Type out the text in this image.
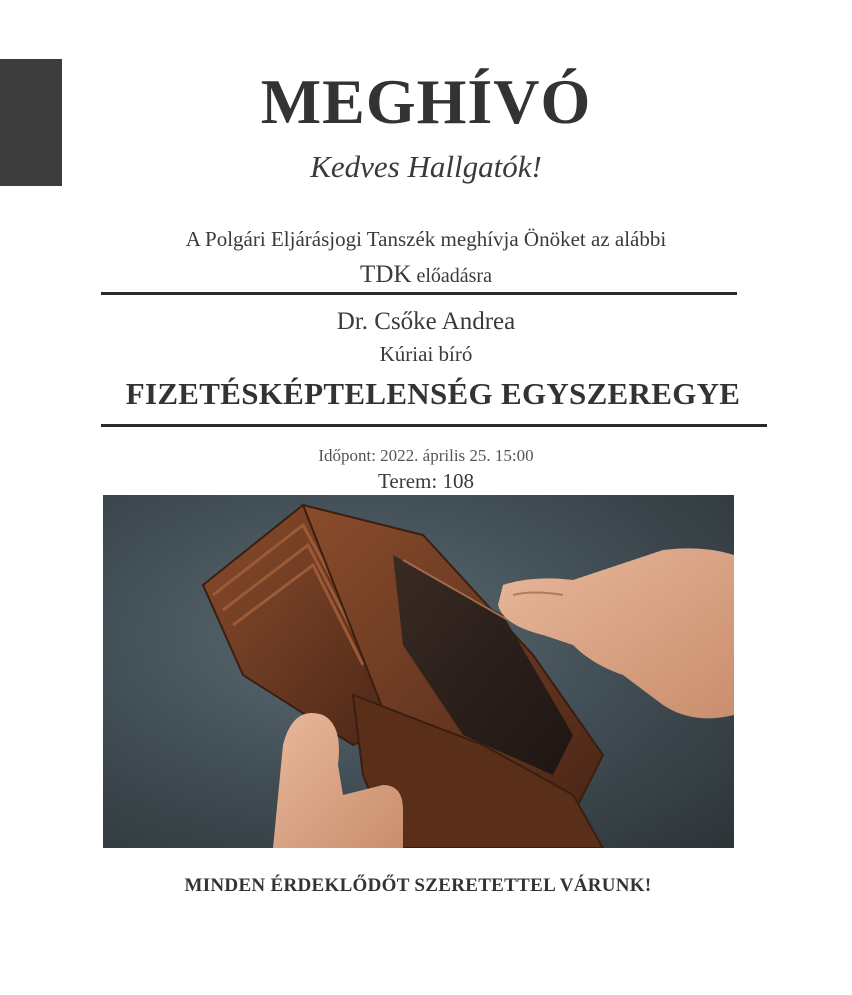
MEGHÍVÓ
Kedves Hallgatók!
A Polgári Eljárásjogi Tanszék meghívja Önöket az alábbi
TDK előadásra
Dr. Csőke Andrea
Kúriai bíró
FIZETÉSKÉPTELENSÉG EGYSZEREGYE
Időpont: 2022. április 25. 15:00
Terem: 108
MINDEN ÉRDEKLŐDŐT SZERETETTEL VÁRUNK!
